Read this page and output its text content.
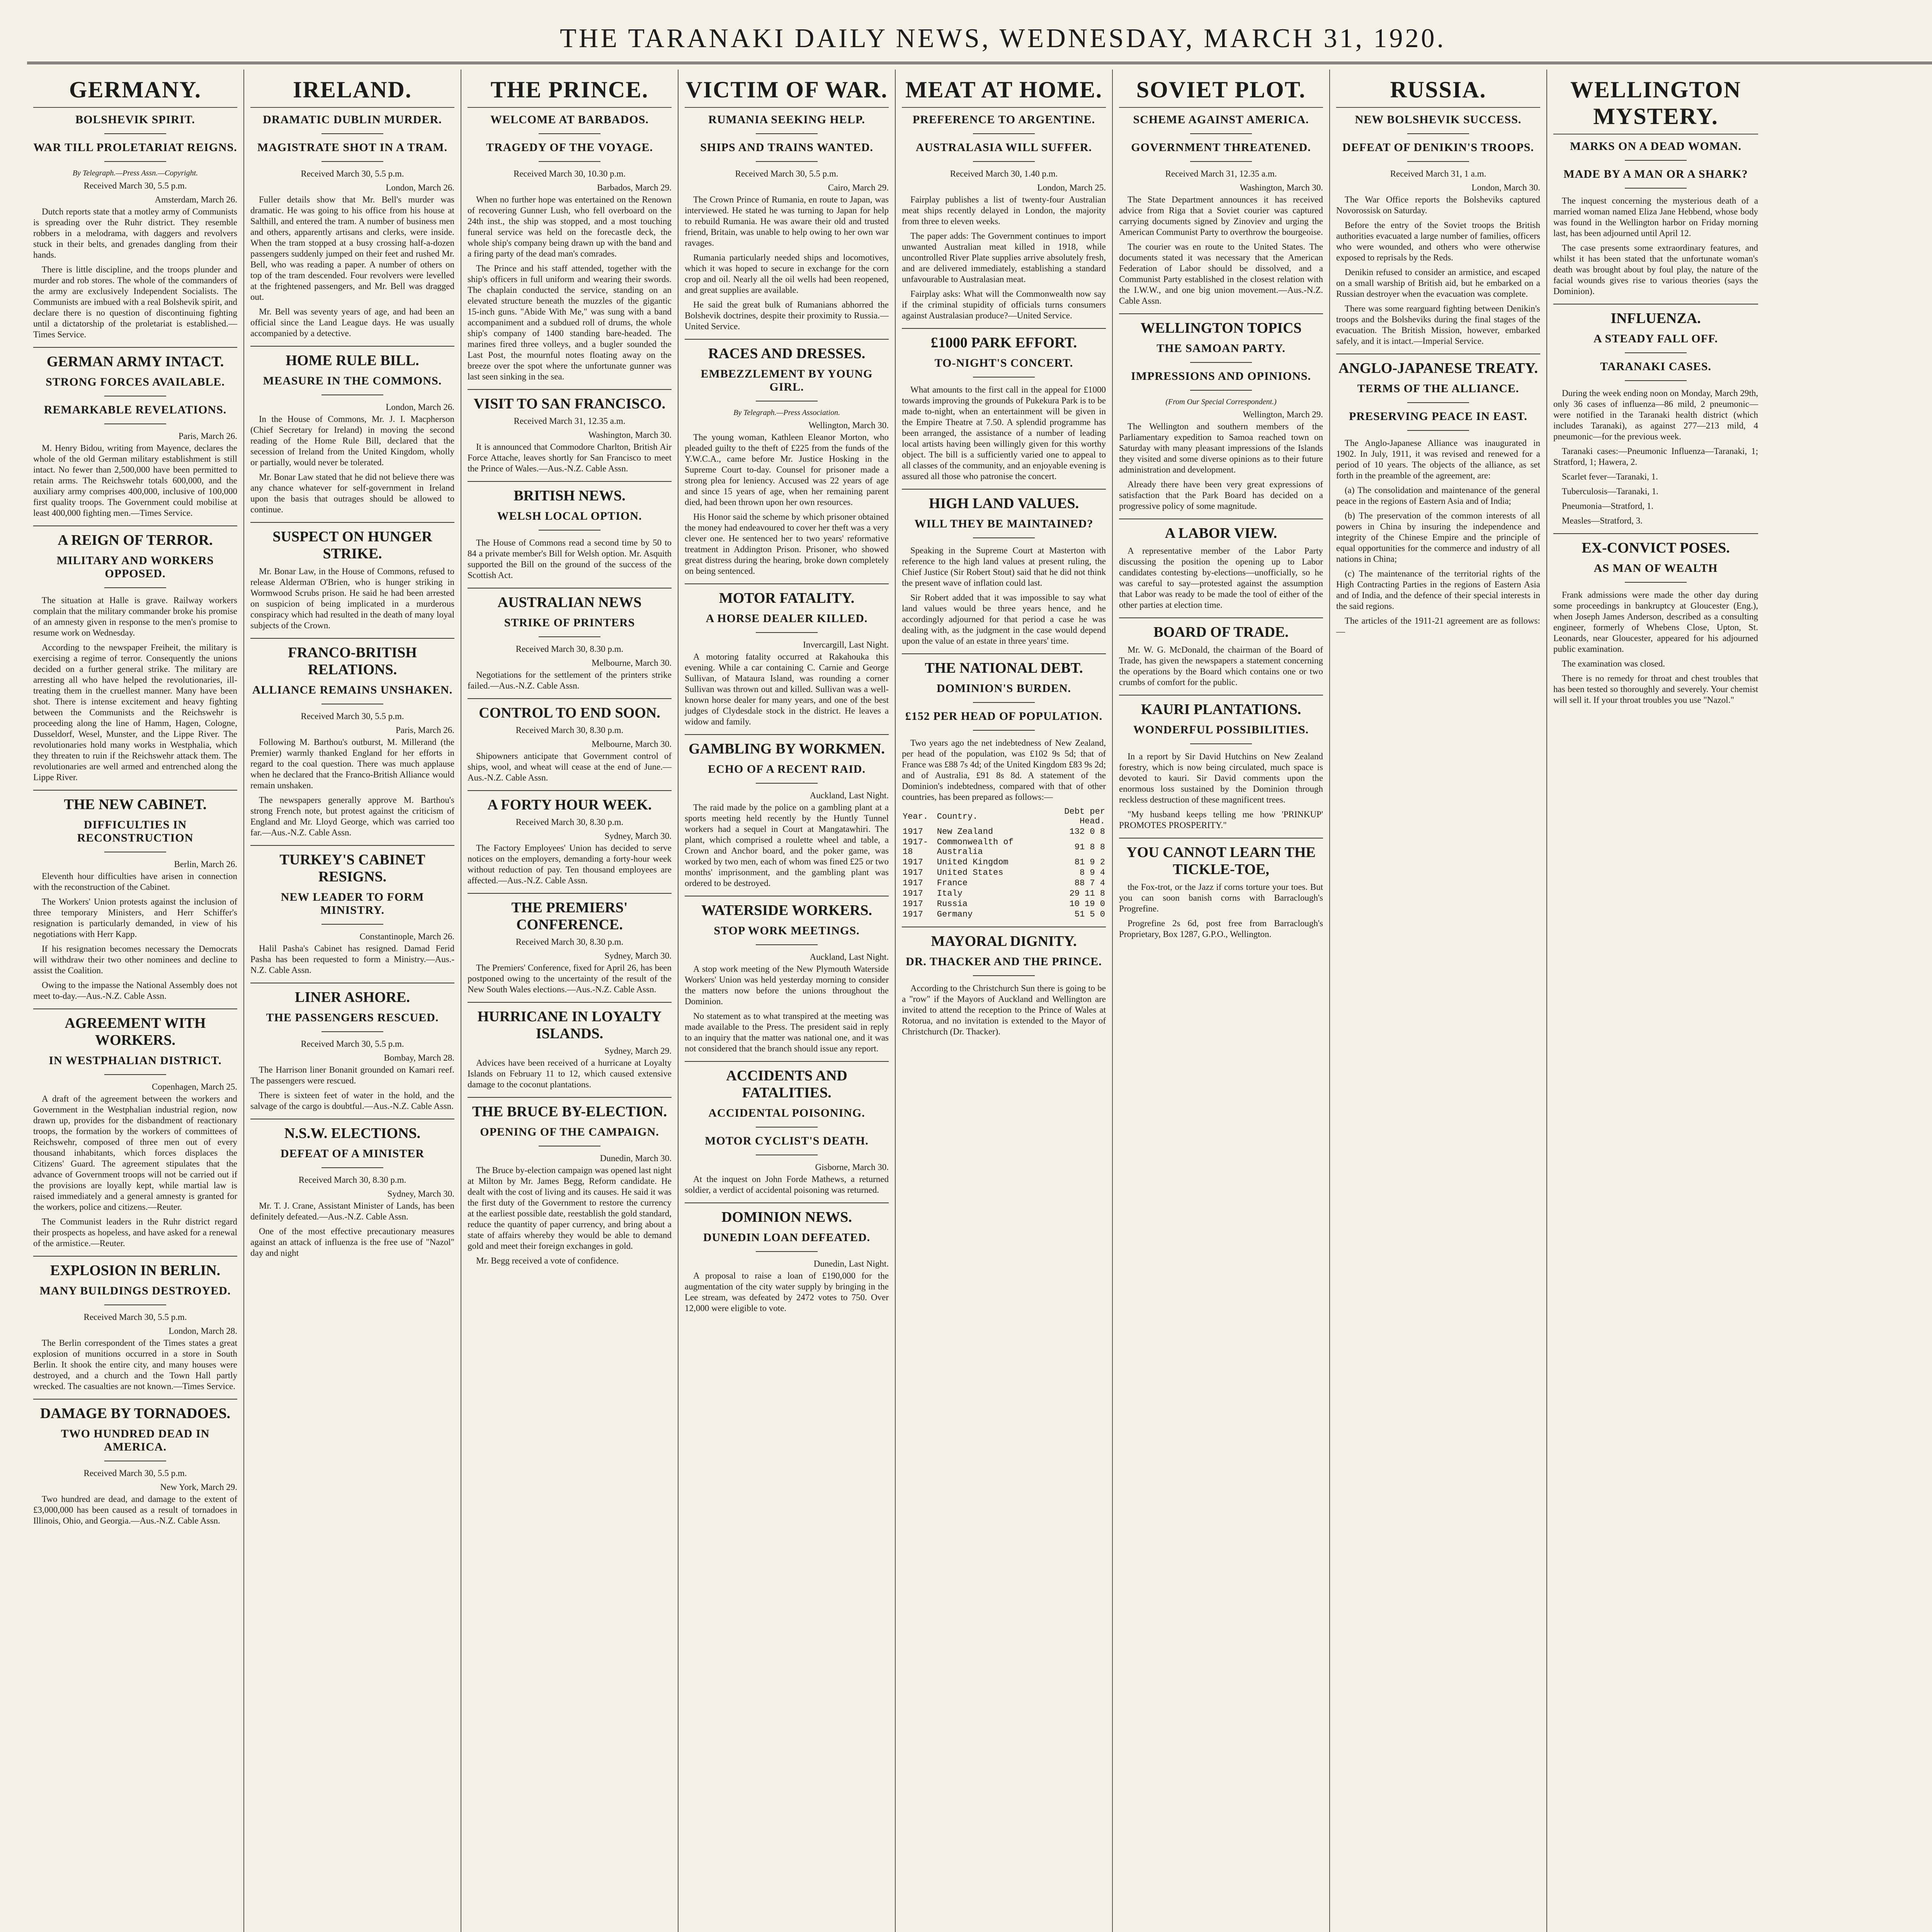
THE TARANAKI DAILY NEWS, WEDNESDAY, MARCH 31, 1920.
GERMANY.
BOLSHEVIK SPIRIT.
WAR TILL PROLETARIAT REIGNS.
By Telegraph.—Press Assn.—Copyright.
Received March 30, 5.5 p.m.
Amsterdam, March 26.

Dutch reports state that a motley army of Communists is spreading over the Ruhr district. They resemble robbers in a melodrama, with daggers and revolvers stuck in their belts, and grenades dangling from their hands.

There is little discipline, and the troops plunder and murder and rob stores. The whole of the commanders of the army are exclusively Independent Socialists. The Communists are imbued with a real Bolshevik spirit, and declare there is no question of discontinuing fighting until a dictatorship of the proletariat is established.—Times Service.

GERMAN ARMY INTACT.
STRONG FORCES AVAILABLE.
REMARKABLE REVELATIONS.
Paris, March 26.

M. Henry Bidou, writing from Mayence, declares the whole of the old German military establishment is still intact. No fewer than 2,500,000 have been permitted to retain arms. The Reichswehr totals 600,000, and the auxiliary army comprises 400,000, inclusive of 100,000 first quality troops. The Government could mobilise at least 400,000 fighting men.—Times Service.

A REIGN OF TERROR.
MILITARY AND WORKERS OPPOSED.

The situation at Halle is grave. Railway workers complain that the military commander broke his promise of an amnesty given in response to the men's promise to resume work on Wednesday.

According to the newspaper Freiheit, the military is exercising a regime of terror. Consequently the unions decided on a further general strike. The military are arresting all who have helped the revolutionaries, ill-treating them in the cruellest manner. Many have been shot. There is intense excitement and heavy fighting between the Communists and the Reichswehr is proceeding along the line of Hamm, Hagen, Cologne, Dusseldorf, Wesel, Munster, and the Lippe River. The revolutionaries hold many works in Westphalia, which they threaten to ruin if the Reichswehr attack them. The revolutionaries are well armed and entrenched along the Lippe River.

THE NEW CABINET.
DIFFICULTIES IN RECONSTRUCTION
Berlin, March 26.

Eleventh hour difficulties have arisen in connection with the reconstruction of the Cabinet.

The Workers' Union protests against the inclusion of three temporary Ministers, and Herr Schiffer's resignation is particularly demanded, in view of his negotiations with Herr Kapp.

If his resignation becomes necessary the Democrats will withdraw their two other nominees and decline to assist the Coalition.

Owing to the impasse the National Assembly does not meet to-day.—Aus.-N.Z. Cable Assn.

AGREEMENT WITH WORKERS.
IN WESTPHALIAN DISTRICT.
Copenhagen, March 25.

A draft of the agreement between the workers and Government in the Westphalian industrial region, now drawn up, provides for the disbandment of reactionary troops, the formation by the workers of committees of Reichswehr, composed of three men out of every thousand inhabitants, which forces displaces the Citizens' Guard. The agreement stipulates that the advance of Government troops will not be carried out if the provisions are loyally kept, while martial law is raised immediately and a general amnesty is granted for the workers, police and citizens.—Reuter.

The Communist leaders in the Ruhr district regard their prospects as hopeless, and have asked for a renewal of the armistice.—Reuter.

EXPLOSION IN BERLIN.
MANY BUILDINGS DESTROYED.
Received March 30, 5.5 p.m.
London, March 28.

The Berlin correspondent of the Times states a great explosion of munitions occurred in a store in South Berlin. It shook the entire city, and many houses were destroyed, and a church and the Town Hall partly wrecked. The casualties are not known.—Times Service.

DAMAGE BY TORNADOES.
TWO HUNDRED DEAD IN AMERICA.
Received March 30, 5.5 p.m.
New York, March 29.

Two hundred are dead, and damage to the extent of £3,000,000 has been caused as a result of tornadoes in Illinois, Ohio, and Georgia.—Aus.-N.Z. Cable Assn.

IRELAND.
DRAMATIC DUBLIN MURDER.
MAGISTRATE SHOT IN A TRAM.
Received March 30, 5.5 p.m.
London, March 26.

Fuller details show that Mr. Bell's murder was dramatic. He was going to his office from his house at Salthill, and entered the tram. A number of business men and others, apparently artisans and clerks, were inside. When the tram stopped at a busy crossing half-a-dozen passengers suddenly jumped on their feet and rushed Mr. Bell, who was reading a paper. A number of others on top of the tram descended. Four revolvers were levelled at the frightened passengers, and Mr. Bell was dragged out.

Mr. Bell was seventy years of age, and had been an official since the Land League days. He was usually accompanied by a detective.

HOME RULE BILL.
MEASURE IN THE COMMONS.
London, March 26.

In the House of Commons, Mr. J. I. Macpherson (Chief Secretary for Ireland) in moving the second reading of the Home Rule Bill, declared that the secession of Ireland from the United Kingdom, wholly or partially, would never be tolerated.

Mr. Bonar Law stated that he did not believe there was any chance whatever for self-government in Ireland upon the basis that outrages should be allowed to continue.

SUSPECT ON HUNGER STRIKE.

Mr. Bonar Law, in the House of Commons, refused to release Alderman O'Brien, who is hunger striking in Wormwood Scrubs prison. He said he had been arrested on suspicion of being implicated in a murderous conspiracy which had resulted in the death of many loyal subjects of the Crown.

FRANCO-BRITISH RELATIONS.
ALLIANCE REMAINS UNSHAKEN.
Received March 30, 5.5 p.m.
Paris, March 26.

Following M. Barthou's outburst, M. Millerand (the Premier) warmly thanked England for her efforts in regard to the coal question. There was much applause when he declared that the Franco-British Alliance would remain unshaken.

The newspapers generally approve M. Barthou's strong French note, but protest against the criticism of England and Mr. Lloyd George, which was carried too far.—Aus.-N.Z. Cable Assn.

TURKEY'S CABINET RESIGNS.
NEW LEADER TO FORM MINISTRY.
Constantinople, March 26.

Halil Pasha's Cabinet has resigned. Damad Ferid Pasha has been requested to form a Ministry.—Aus.-N.Z. Cable Assn.

LINER ASHORE.
THE PASSENGERS RESCUED.
Received March 30, 5.5 p.m.
Bombay, March 28.

The Harrison liner Bonanit grounded on Kamari reef. The passengers were rescued.

There is sixteen feet of water in the hold, and the salvage of the cargo is doubtful.—Aus.-N.Z. Cable Assn.

N.S.W. ELECTIONS.
DEFEAT OF A MINISTER
Received March 30, 8.30 p.m.
Sydney, March 30.

Mr. T. J. Crane, Assistant Minister of Lands, has been definitely defeated.—Aus.-N.Z. Cable Assn.

One of the most effective precautionary measures against an attack of influenza is the free use of "Nazol" day and night

THE PRINCE.
WELCOME AT BARBADOS.
TRAGEDY OF THE VOYAGE.
Received March 30, 10.30 p.m.
Barbados, March 29.

When no further hope was entertained on the Renown of recovering Gunner Lush, who fell overboard on the 24th inst., the ship was stopped, and a most touching funeral service was held on the forecastle deck, the whole ship's company being drawn up with the band and a firing party of the dead man's comrades.

The Prince and his staff attended, together with the ship's officers in full uniform and wearing their swords. The chaplain conducted the service, standing on an elevated structure beneath the muzzles of the gigantic 15-inch guns. "Abide With Me," was sung with a band accompaniment and a subdued roll of drums, the whole ship's company of 1400 standing bare-headed. The marines fired three volleys, and a bugler sounded the Last Post, the mournful notes floating away on the breeze over the spot where the unfortunate gunner was last seen sinking in the sea.

VISIT TO SAN FRANCISCO.
Received March 31, 12.35 a.m.
Washington, March 30.

It is announced that Commodore Charlton, British Air Force Attache, leaves shortly for San Francisco to meet the Prince of Wales.—Aus.-N.Z. Cable Assn.

BRITISH NEWS.
WELSH LOCAL OPTION.

The House of Commons read a second time by 50 to 84 a private member's Bill for Welsh option. Mr. Asquith supported the Bill on the ground of the success of the Scottish Act.

AUSTRALIAN NEWS
STRIKE OF PRINTERS
Received March 30, 8.30 p.m.
Melbourne, March 30.

Negotiations for the settlement of the printers strike failed.—Aus.-N.Z. Cable Assn.

CONTROL TO END SOON.
Received March 30, 8.30 p.m.
Melbourne, March 30.

Shipowners anticipate that Government control of ships, wool, and wheat will cease at the end of June.—Aus.-N.Z. Cable Assn.

A FORTY HOUR WEEK.
Received March 30, 8.30 p.m.
Sydney, March 30.

The Factory Employees' Union has decided to serve notices on the employers, demanding a forty-hour week without reduction of pay. Ten thousand employees are affected.—Aus.-N.Z. Cable Assn.

THE PREMIERS' CONFERENCE.
Received March 30, 8.30 p.m.
Sydney, March 30.

The Premiers' Conference, fixed for April 26, has been postponed owing to the uncertainty of the result of the New South Wales elections.—Aus.-N.Z. Cable Assn.

HURRICANE IN LOYALTY ISLANDS.
Sydney, March 29.

Advices have been received of a hurricane at Loyalty Islands on February 11 to 12, which caused extensive damage to the coconut plantations.

THE BRUCE BY-ELECTION.
OPENING OF THE CAMPAIGN.
Dunedin, March 30.

The Bruce by-election campaign was opened last night at Milton by Mr. James Begg, Reform candidate. He dealt with the cost of living and its causes. He said it was the first duty of the Government to restore the currency at the earliest possible date, reestablish the gold standard, reduce the quantity of paper currency, and bring about a state of affairs whereby they would be able to demand gold and meet their foreign exchanges in gold.

Mr. Begg received a vote of confidence.

VICTIM OF WAR.
RUMANIA SEEKING HELP.
SHIPS AND TRAINS WANTED.
Received March 30, 5.5 p.m.
Cairo, March 29.

The Crown Prince of Rumania, en route to Japan, was interviewed. He stated he was turning to Japan for help to rebuild Rumania. He was aware their old and trusted friend, Britain, was unable to help owing to her own war ravages.

Rumania particularly needed ships and locomotives, which it was hoped to secure in exchange for the corn crop and oil. Nearly all the oil wells had been reopened, and great supplies are available.

He said the great bulk of Rumanians abhorred the Bolshevik doctrines, despite their proximity to Russia.—United Service.

RACES AND DRESSES.
EMBEZZLEMENT BY YOUNG GIRL.
By Telegraph.—Press Association.
Wellington, March 30.

The young woman, Kathleen Eleanor Morton, who pleaded guilty to the theft of £225 from the funds of the Y.W.C.A., came before Mr. Justice Hosking in the Supreme Court to-day. Counsel for prisoner made a strong plea for leniency. Accused was 22 years of age and since 15 years of age, when her remaining parent died, had been thrown upon her own resources.

His Honor said the scheme by which prisoner obtained the money had endeavoured to cover her theft was a very clever one. He sentenced her to two years' reformative treatment in Addington Prison. Prisoner, who showed great distress during the hearing, broke down completely on being sentenced.

MOTOR FATALITY.
A HORSE DEALER KILLED.
Invercargill, Last Night.

A motoring fatality occurred at Rakahouka this evening. While a car containing C. Carnie and George Sullivan, of Mataura Island, was rounding a corner Sullivan was thrown out and killed. Sullivan was a well-known horse dealer for many years, and one of the best judges of Clydesdale stock in the district. He leaves a widow and family.

GAMBLING BY WORKMEN.
ECHO OF A RECENT RAID.
Auckland, Last Night.

The raid made by the police on a gambling plant at a sports meeting held recently by the Huntly Tunnel workers had a sequel in Court at Mangatawhiri. The plant, which comprised a roulette wheel and table, a Crown and Anchor board, and the poker game, was worked by two men, each of whom was fined £25 or two months' imprisonment, and the gambling plant was ordered to be destroyed.

WATERSIDE WORKERS.
STOP WORK MEETINGS.
Auckland, Last Night.

A stop work meeting of the New Plymouth Waterside Workers' Union was held yesterday morning to consider the matters now before the unions throughout the Dominion.

No statement as to what transpired at the meeting was made available to the Press. The president said in reply to an inquiry that the matter was national one, and it was not considered that the branch should issue any report.

ACCIDENTS AND FATALITIES.
ACCIDENTAL POISONING.
MOTOR CYCLIST'S DEATH.
Gisborne, March 30.

At the inquest on John Forde Mathews, a returned soldier, a verdict of accidental poisoning was returned.

DOMINION NEWS.
DUNEDIN LOAN DEFEATED.
Dunedin, Last Night.

A proposal to raise a loan of £190,000 for the augmentation of the city water supply by bringing in the Lee stream, was defeated by 2472 votes to 750. Over 12,000 were eligible to vote.

MEAT AT HOME.
PREFERENCE TO ARGENTINE.
AUSTRALASIA WILL SUFFER.
Received March 30, 1.40 p.m.
London, March 25.

Fairplay publishes a list of twenty-four Australian meat ships recently delayed in London, the majority from three to eleven weeks.

The paper adds: The Government continues to import unwanted Australian meat killed in 1918, while uncontrolled River Plate supplies arrive absolutely fresh, and are delivered immediately, establishing a standard unfavourable to Australasian meat.

Fairplay asks: What will the Commonwealth now say if the criminal stupidity of officials turns consumers against Australasian produce?—United Service.

£1000 PARK EFFORT.
TO-NIGHT'S CONCERT.

What amounts to the first call in the appeal for £1000 towards improving the grounds of Pukekura Park is to be made to-night, when an entertainment will be given in the Empire Theatre at 7.50. A splendid programme has been arranged, the assistance of a number of leading local artists having been willingly given for this worthy object. The bill is a sufficiently varied one to appeal to all classes of the community, and an enjoyable evening is assured all those who patronise the concert.

HIGH LAND VALUES.
WILL THEY BE MAINTAINED?

Speaking in the Supreme Court at Masterton with reference to the high land values at present ruling, the Chief Justice (Sir Robert Stout) said that he did not think the present wave of inflation could last.

Sir Robert added that it was impossible to say what land values would be three years hence, and he accordingly adjourned for that period a case he was dealing with, as the judgment in the case would depend upon the value of an estate in three years' time.

THE NATIONAL DEBT.
DOMINION'S BURDEN.
£152 PER HEAD OF POPULATION.

Two years ago the net indebtedness of New Zealand, per head of the population, was £102 9s 5d; that of France was £88 7s 4d; of the United Kingdom £83 9s 2d; and of Australia, £91 8s 8d. A statement of the Dominion's indebtedness, compared with that of other countries, has been prepared as follows:—

Year.	Country.	Debt per Head.
1917	New Zealand	132 0 8
1917-18	Commonwealth of Australia	91 8 8
1917	United Kingdom	81 9 2
1917	United States	8 9 4
1917	France	88 7 4
1917	Italy	29 11 8
1917	Russia	10 19 0
1917	Germany	51 5 0
MAYORAL DIGNITY.
DR. THACKER AND THE PRINCE.

According to the Christchurch Sun there is going to be a "row" if the Mayors of Auckland and Wellington are invited to attend the reception to the Prince of Wales at Rotorua, and no invitation is extended to the Mayor of Christchurch (Dr. Thacker).

SOVIET PLOT.
SCHEME AGAINST AMERICA.
GOVERNMENT THREATENED.
Received March 31, 12.35 a.m.
Washington, March 30.

The State Department announces it has received advice from Riga that a Soviet courier was captured carrying documents signed by Zinoviev and urging the American Communist Party to overthrow the bourgeoise.

The courier was en route to the United States. The documents stated it was necessary that the American Federation of Labor should be dissolved, and a Communist Party established in the closest relation with the I.W.W., and one big union movement.—Aus.-N.Z. Cable Assn.

WELLINGTON TOPICS
THE SAMOAN PARTY.
IMPRESSIONS AND OPINIONS.
(From Our Special Correspondent.)
Wellington, March 29.

The Wellington and southern members of the Parliamentary expedition to Samoa reached town on Saturday with many pleasant impressions of the Islands they visited and some diverse opinions as to their future administration and development.

Already there have been very great expressions of satisfaction that the Park Board has decided on a progressive policy of some magnitude.

A LABOR VIEW.

A representative member of the Labor Party discussing the position the opening up to Labor candidates contesting by-elections—unofficially, so he was careful to say—protested against the assumption that Labor was ready to be made the tool of either of the other parties at election time.

BOARD OF TRADE.

Mr. W. G. McDonald, the chairman of the Board of Trade, has given the newspapers a statement concerning the operations by the Board which contains one or two crumbs of comfort for the public.

KAURI PLANTATIONS.
WONDERFUL POSSIBILITIES.

In a report by Sir David Hutchins on New Zealand forestry, which is now being circulated, much space is devoted to kauri. Sir David comments upon the enormous loss sustained by the Dominion through reckless destruction of these magnificent trees.

"My husband keeps telling me how 'PRINKUP' PROMOTES PROSPERITY."

YOU CANNOT LEARN THE TICKLE-TOE,

the Fox-trot, or the Jazz if corns torture your toes. But you can soon banish corns with Barraclough's Progrefine.

Progrefine 2s 6d, post free from Barraclough's Proprietary, Box 1287, G.P.O., Wellington.

RUSSIA.
NEW BOLSHEVIK SUCCESS.
DEFEAT OF DENIKIN'S TROOPS.
Received March 31, 1 a.m.
London, March 30.

The War Office reports the Bolsheviks captured Novorossisk on Saturday.

Before the entry of the Soviet troops the British authorities evacuated a large number of families, officers who were wounded, and others who were otherwise exposed to reprisals by the Reds.

Denikin refused to consider an armistice, and escaped on a small warship of British aid, but he embarked on a Russian destroyer when the evacuation was complete.

There was some rearguard fighting between Denikin's troops and the Bolsheviks during the final stages of the evacuation. The British Mission, however, embarked safely, and it is intact.—Imperial Service.

ANGLO-JAPANESE TREATY.
TERMS OF THE ALLIANCE.
PRESERVING PEACE IN EAST.

The Anglo-Japanese Alliance was inaugurated in 1902. In July, 1911, it was revised and renewed for a period of 10 years. The objects of the alliance, as set forth in the preamble of the agreement, are:

(a) The consolidation and maintenance of the general peace in the regions of Eastern Asia and of India;

(b) The preservation of the common interests of all powers in China by insuring the independence and integrity of the Chinese Empire and the principle of equal opportunities for the commerce and industry of all nations in China;

(c) The maintenance of the territorial rights of the High Contracting Parties in the regions of Eastern Asia and of India, and the defence of their special interests in the said regions.

The articles of the 1911-21 agreement are as follows:—

WELLINGTON MYSTERY.
MARKS ON A DEAD WOMAN.
MADE BY A MAN OR A SHARK?

The inquest concerning the mysterious death of a married woman named Eliza Jane Hebbend, whose body was found in the Wellington harbor on Friday morning last, has been adjourned until April 12.

The case presents some extraordinary features, and whilst it has been stated that the unfortunate woman's death was brought about by foul play, the nature of the facial wounds gives rise to various theories (says the Dominion).

INFLUENZA.
A STEADY FALL OFF.
TARANAKI CASES.

During the week ending noon on Monday, March 29th, only 36 cases of influenza—86 mild, 2 pneumonic—were notified in the Taranaki health district (which includes Taranaki), as against 277—213 mild, 4 pneumonic—for the previous week.

Taranaki cases:—Pneumonic Influenza—Taranaki, 1; Stratford, 1; Hawera, 2.

Scarlet fever—Taranaki, 1.

Tuberculosis—Taranaki, 1.

Pneumonia—Stratford, 1.

Measles—Stratford, 3.

EX-CONVICT POSES.
AS MAN OF WEALTH

Frank admissions were made the other day during some proceedings in bankruptcy at Gloucester (Eng.), when Joseph James Anderson, described as a consulting engineer, formerly of Whebens Close, Upton, St. Leonards, near Gloucester, appeared for his adjourned public examination.

The examination was closed.

There is no remedy for throat and chest troubles that has been tested so thoroughly and severely. Your chemist will sell it. If your throat troubles you use "Nazol."
